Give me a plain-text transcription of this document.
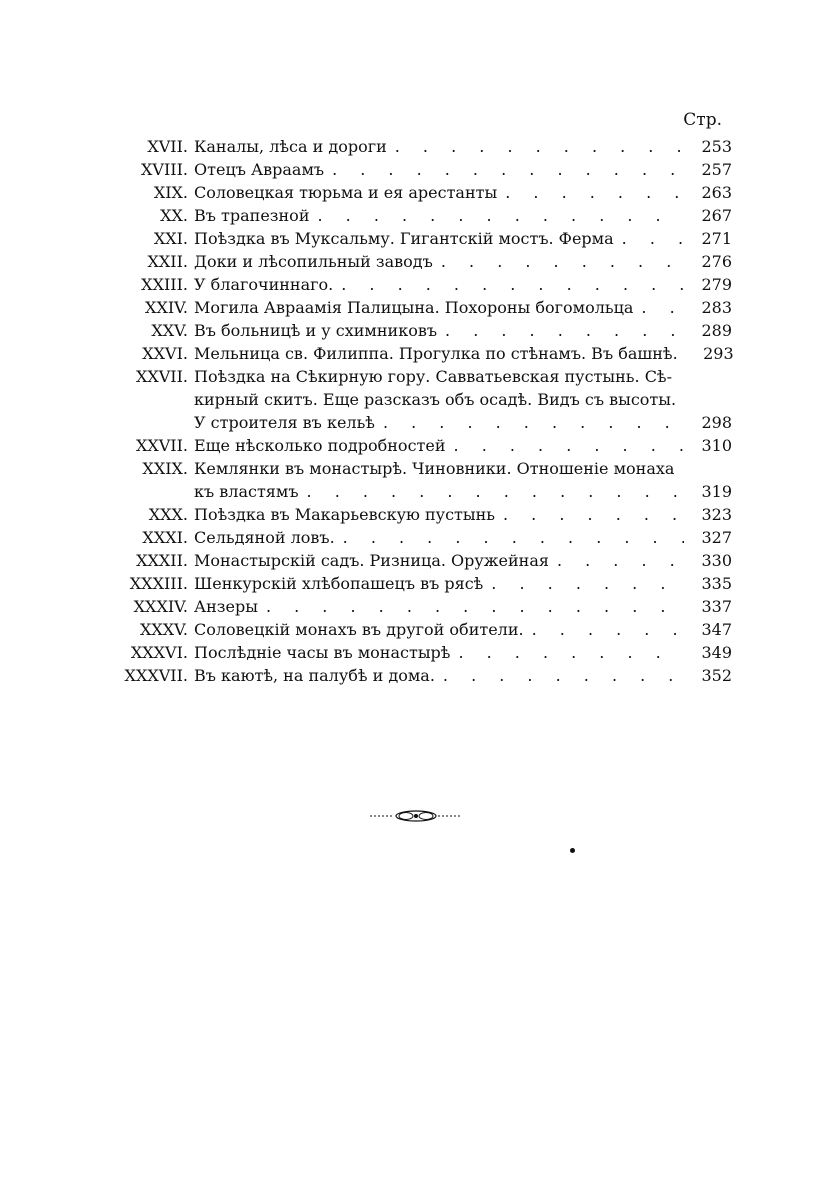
Стр.
XVII. Каналы, лѣса и дороги . . .	253
XVIII. Отецъ Авраамъ . . .	257
XIX. Соловецкая тюрьма и ея арестанты . . .	263
XX. Въ трапезной . . .	267
XXI. Поѣздка въ Муксальму. Гигантскій мостъ. Ферма . . .	271
XXII. Доки и лѣсопильный заводъ . . .	276
XXIII. У благочиннаго. . . .	279
XXIV. Могила Авраамія Палицына. Похороны богомольца . . .	283
XXV. Въ больницѣ и у схимниковъ . . .	289
XXVI. Мельница св. Филиппа. Прогулка по стѣнамъ. Въ башнѣ.	293
XXVII. Поѣздка на Сѣкирную гору. Савватьевская пустынь. Сѣ-
кирный скитъ. Еще разсказъ объ осадѣ. Видъ съ высоты.
У строителя въ кельѣ . . .	298
XXVII. Еще нѣсколько подробностей . . .	310
XXIX. Кемлянки въ монастырѣ. Чиновники. Отношеніе монаха
къ властямъ . . .	319
XXX. Поѣздка въ Макарьевскую пустынь . . .	323
XXXI. Сельдяной ловъ. . . .	327
XXXII. Монастырскій садъ. Ризница. Оружейная . . .	330
XXXIII. Шенкурскій хлѣбопашецъ въ рясѣ . . .	335
XXXIV. Анзеры . . .	337
XXXV. Соловецкій монахъ въ другой обители. . . .	347
XXXVI. Послѣдніе часы въ монастырѣ . . .	349
XXXVII. Въ каютѣ, на палубѣ и дома. . . .	352
